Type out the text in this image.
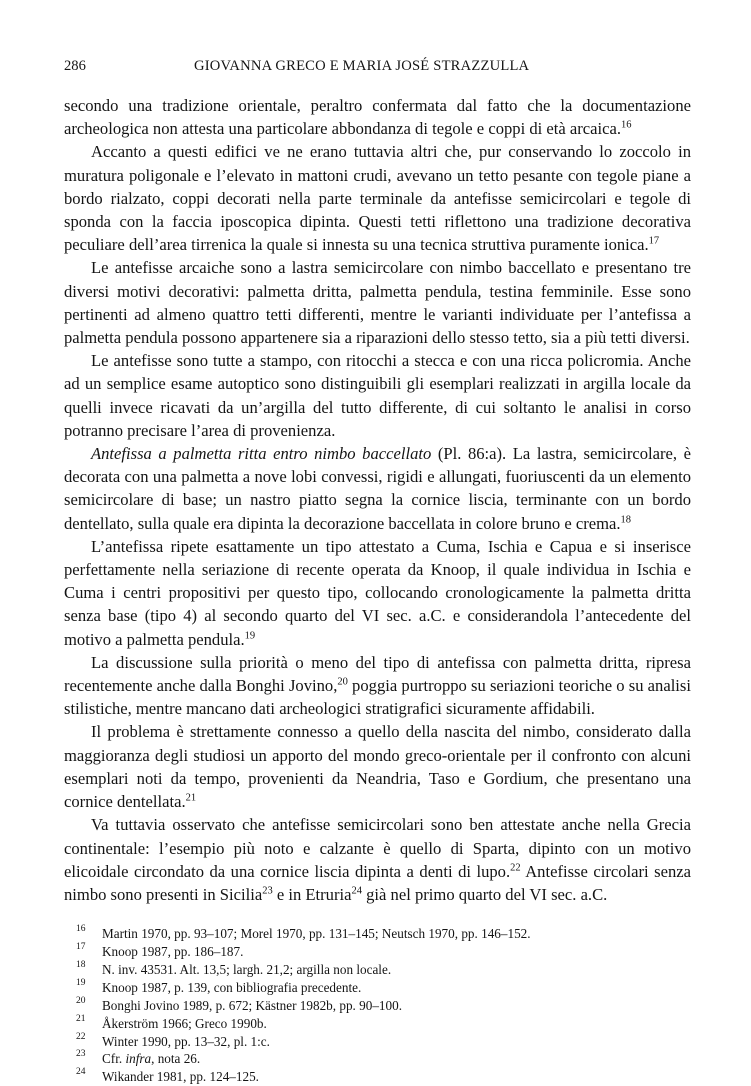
286	GIOVANNA GRECO E MARIA JOSÉ STRAZZULLA

secondo una tradizione orientale, peraltro confermata dal fatto che la documentazione archeologica non attesta una particolare abbondanza di tegole e coppi di età arcaica.$^{16}$

Accanto a questi edifici ve ne erano tuttavia altri che, pur conservando lo zoccolo in muratura poligonale e l’elevato in mattoni crudi, avevano un tetto pesante con tegole piane a bordo rialzato, coppi decorati nella parte terminale da antefisse semicircolari e tegole di sponda con la faccia iposcopica dipinta. Questi tetti riflettono una tradizione decorativa peculiare dell’area tirrenica la quale si innesta su una tecnica struttiva puramente ionica.$^{17}$

Le antefisse arcaiche sono a lastra semicircolare con nimbo baccellato e presentano tre diversi motivi decorativi: palmetta dritta, palmetta pendula, testina femminile. Esse sono pertinenti ad almeno quattro tetti differenti, mentre le varianti individuate per l’antefissa a palmetta pendula possono appartenere sia a riparazioni dello stesso tetto, sia a più tetti diversi.

Le antefisse sono tutte a stampo, con ritocchi a stecca e con una ricca policromia. Anche ad un semplice esame autoptico sono distinguibili gli esemplari realizzati in argilla locale da quelli invece ricavati da un’argilla del tutto differente, di cui soltanto le analisi in corso potranno precisare l’area di provenienza.

Antefissa a palmetta ritta entro nimbo baccellato (Pl. 86:a). La lastra, semicircolare, è decorata con una palmetta a nove lobi convessi, rigidi e allungati, fuoriuscenti da un elemento semicircolare di base; un nastro piatto segna la cornice liscia, terminante con un bordo dentellato, sulla quale era dipinta la decorazione baccellata in colore bruno e crema.$^{18}$

L’antefissa ripete esattamente un tipo attestato a Cuma, Ischia e Capua e si inserisce perfettamente nella seriazione di recente operata da Knoop, il quale individua in Ischia e Cuma i centri propositivi per questo tipo, collocando cronologicamente la palmetta dritta senza base (tipo 4) al secondo quarto del VI sec. a.C. e considerandola l’antecedente del motivo a palmetta pendula.$^{19}$

La discussione sulla priorità o meno del tipo di antefissa con palmetta dritta, ripresa recentemente anche dalla Bonghi Jovino,$^{20}$ poggia purtroppo su seriazioni teoriche o su analisi stilistiche, mentre mancano dati archeologici stratigrafici sicuramente affidabili.

Il problema è strettamente connesso a quello della nascita del nimbo, considerato dalla maggioranza degli studiosi un apporto del mondo greco-orientale per il confronto con alcuni esemplari noti da tempo, provenienti da Neandria, Taso e Gordium, che presentano una cornice dentellata.$^{21}$

Va tuttavia osservato che antefisse semicircolari sono ben attestate anche nella Grecia continentale: l’esempio più noto e calzante è quello di Sparta, dipinto con un motivo elicoidale circondato da una cornice liscia dipinta a denti di lupo.$^{22}$ Antefisse circolari senza nimbo sono presenti in Sicilia$^{23}$ e in Etruria$^{24}$ già nel primo quarto del VI sec. a.C.

16	Martin 1970, pp. 93–107; Morel 1970, pp. 131–145; Neutsch 1970, pp. 146–152.
17	Knoop 1987, pp. 186–187.
18	N. inv. 43531. Alt. 13,5; largh. 21,2; argilla non locale.
19	Knoop 1987, p. 139, con bibliografia precedente.
20	Bonghi Jovino 1989, p. 672; Kästner 1982b, pp. 90–100.
21	Åkerström 1966; Greco 1990b.
22	Winter 1990, pp. 13–32, pl. 1:c.
23	Cfr. infra, nota 26.
24	Wikander 1981, pp. 124–125.
